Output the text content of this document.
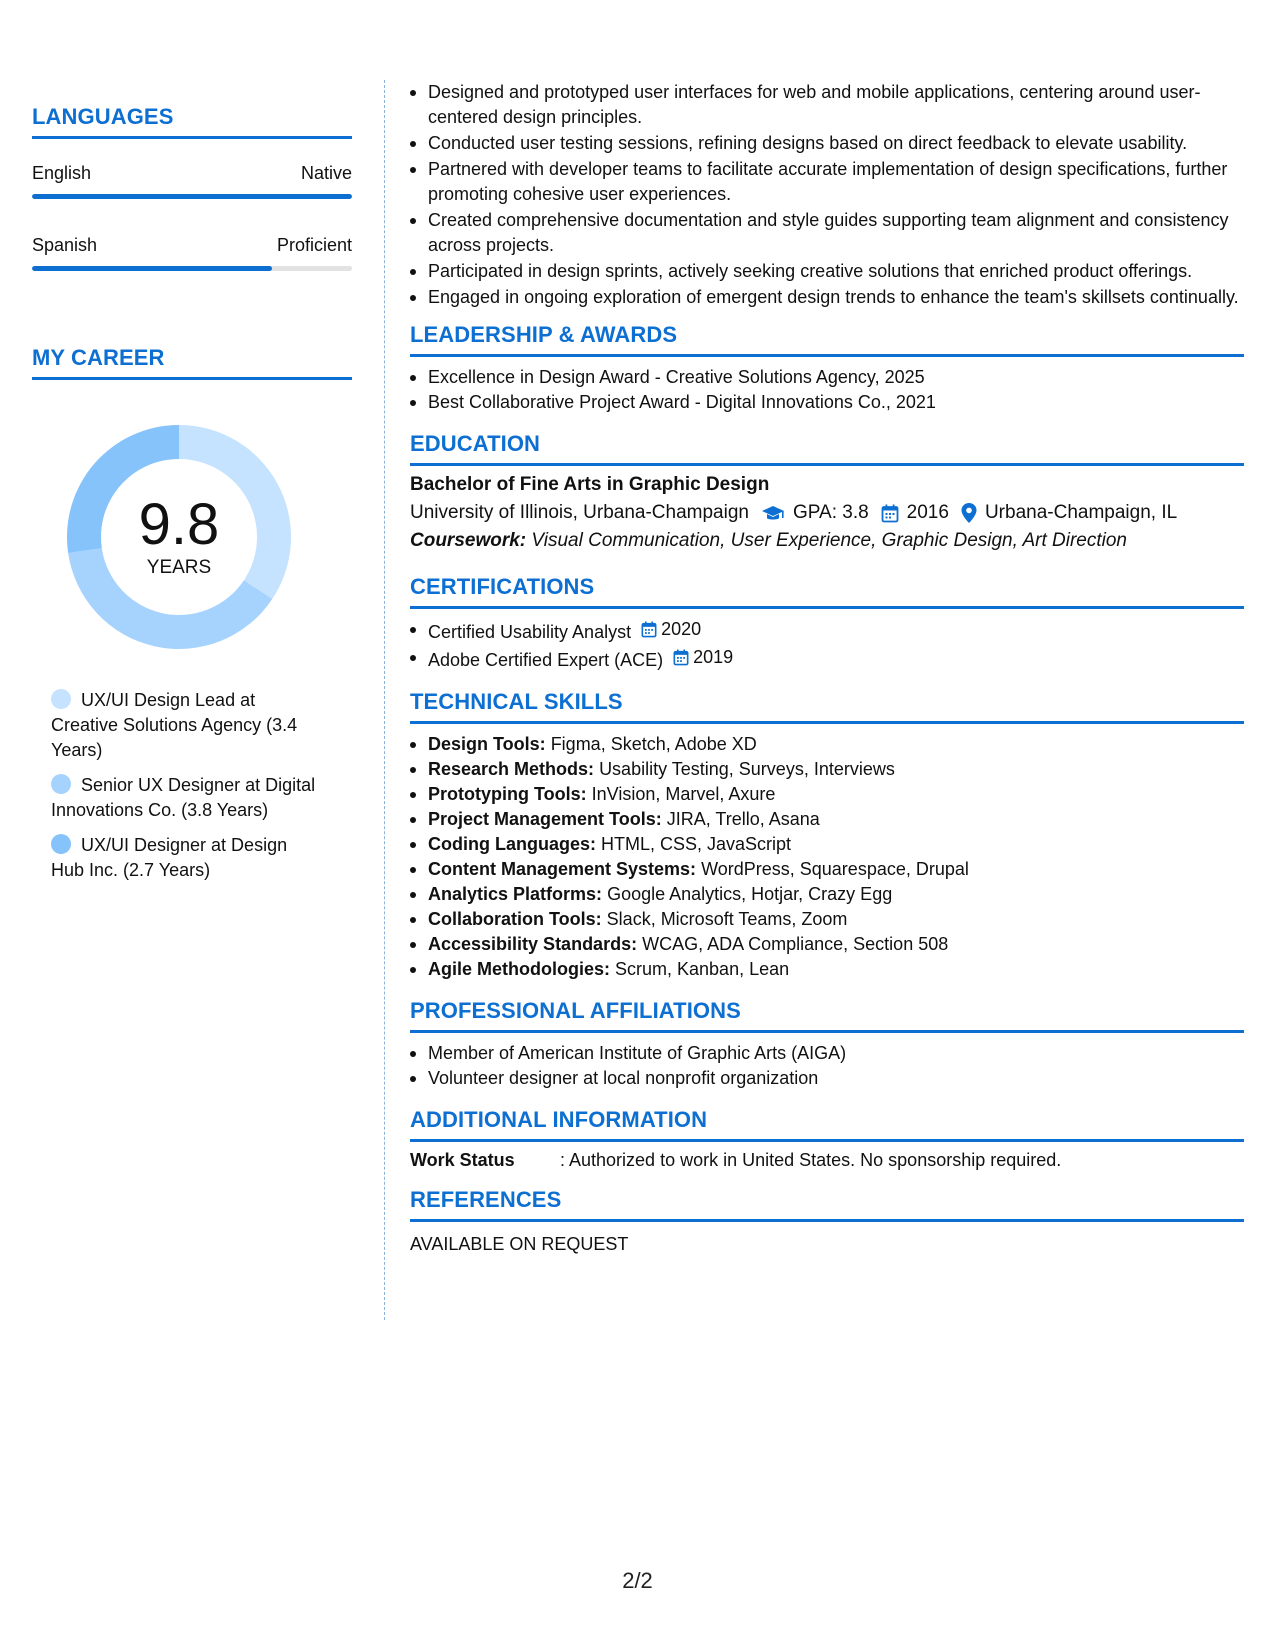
LANGUAGES
English	Native
Spanish	Proficient
MY CAREER
9.8
YEARS
UX/UI Design Lead at Creative Solutions Agency (3.4 Years)
Senior UX Designer at Digital Innovations Co. (3.8 Years)
UX/UI Designer at Design Hub Inc. (2.7 Years)
Designed and prototyped user interfaces for web and mobile applications, centering around user-centered design principles.
Conducted user testing sessions, refining designs based on direct feedback to elevate usability.
Partnered with developer teams to facilitate accurate implementation of design specifications, further promoting cohesive user experiences.
Created comprehensive documentation and style guides supporting team alignment and consistency across projects.
Participated in design sprints, actively seeking creative solutions that enriched product offerings.
Engaged in ongoing exploration of emergent design trends to enhance the team's skillsets continually.
LEADERSHIP & AWARDS
Excellence in Design Award - Creative Solutions Agency, 2025
Best Collaborative Project Award - Digital Innovations Co., 2021
EDUCATION
Bachelor of Fine Arts in Graphic Design
University of Illinois, Urbana-Champaign GPA: 3.8 2016 Urbana-Champaign, IL
Coursework: Visual Communication, User Experience, Graphic Design, Art Direction
CERTIFICATIONS
Certified Usability Analyst 2020
Adobe Certified Expert (ACE) 2019
TECHNICAL SKILLS
Design Tools: Figma, Sketch, Adobe XD
Research Methods: Usability Testing, Surveys, Interviews
Prototyping Tools: InVision, Marvel, Axure
Project Management Tools: JIRA, Trello, Asana
Coding Languages: HTML, CSS, JavaScript
Content Management Systems: WordPress, Squarespace, Drupal
Analytics Platforms: Google Analytics, Hotjar, Crazy Egg
Collaboration Tools: Slack, Microsoft Teams, Zoom
Accessibility Standards: WCAG, ADA Compliance, Section 508
Agile Methodologies: Scrum, Kanban, Lean
PROFESSIONAL AFFILIATIONS
Member of American Institute of Graphic Arts (AIGA)
Volunteer designer at local nonprofit organization
ADDITIONAL INFORMATION
Work Status	: Authorized to work in United States. No sponsorship required.
REFERENCES
AVAILABLE ON REQUEST
2/2
